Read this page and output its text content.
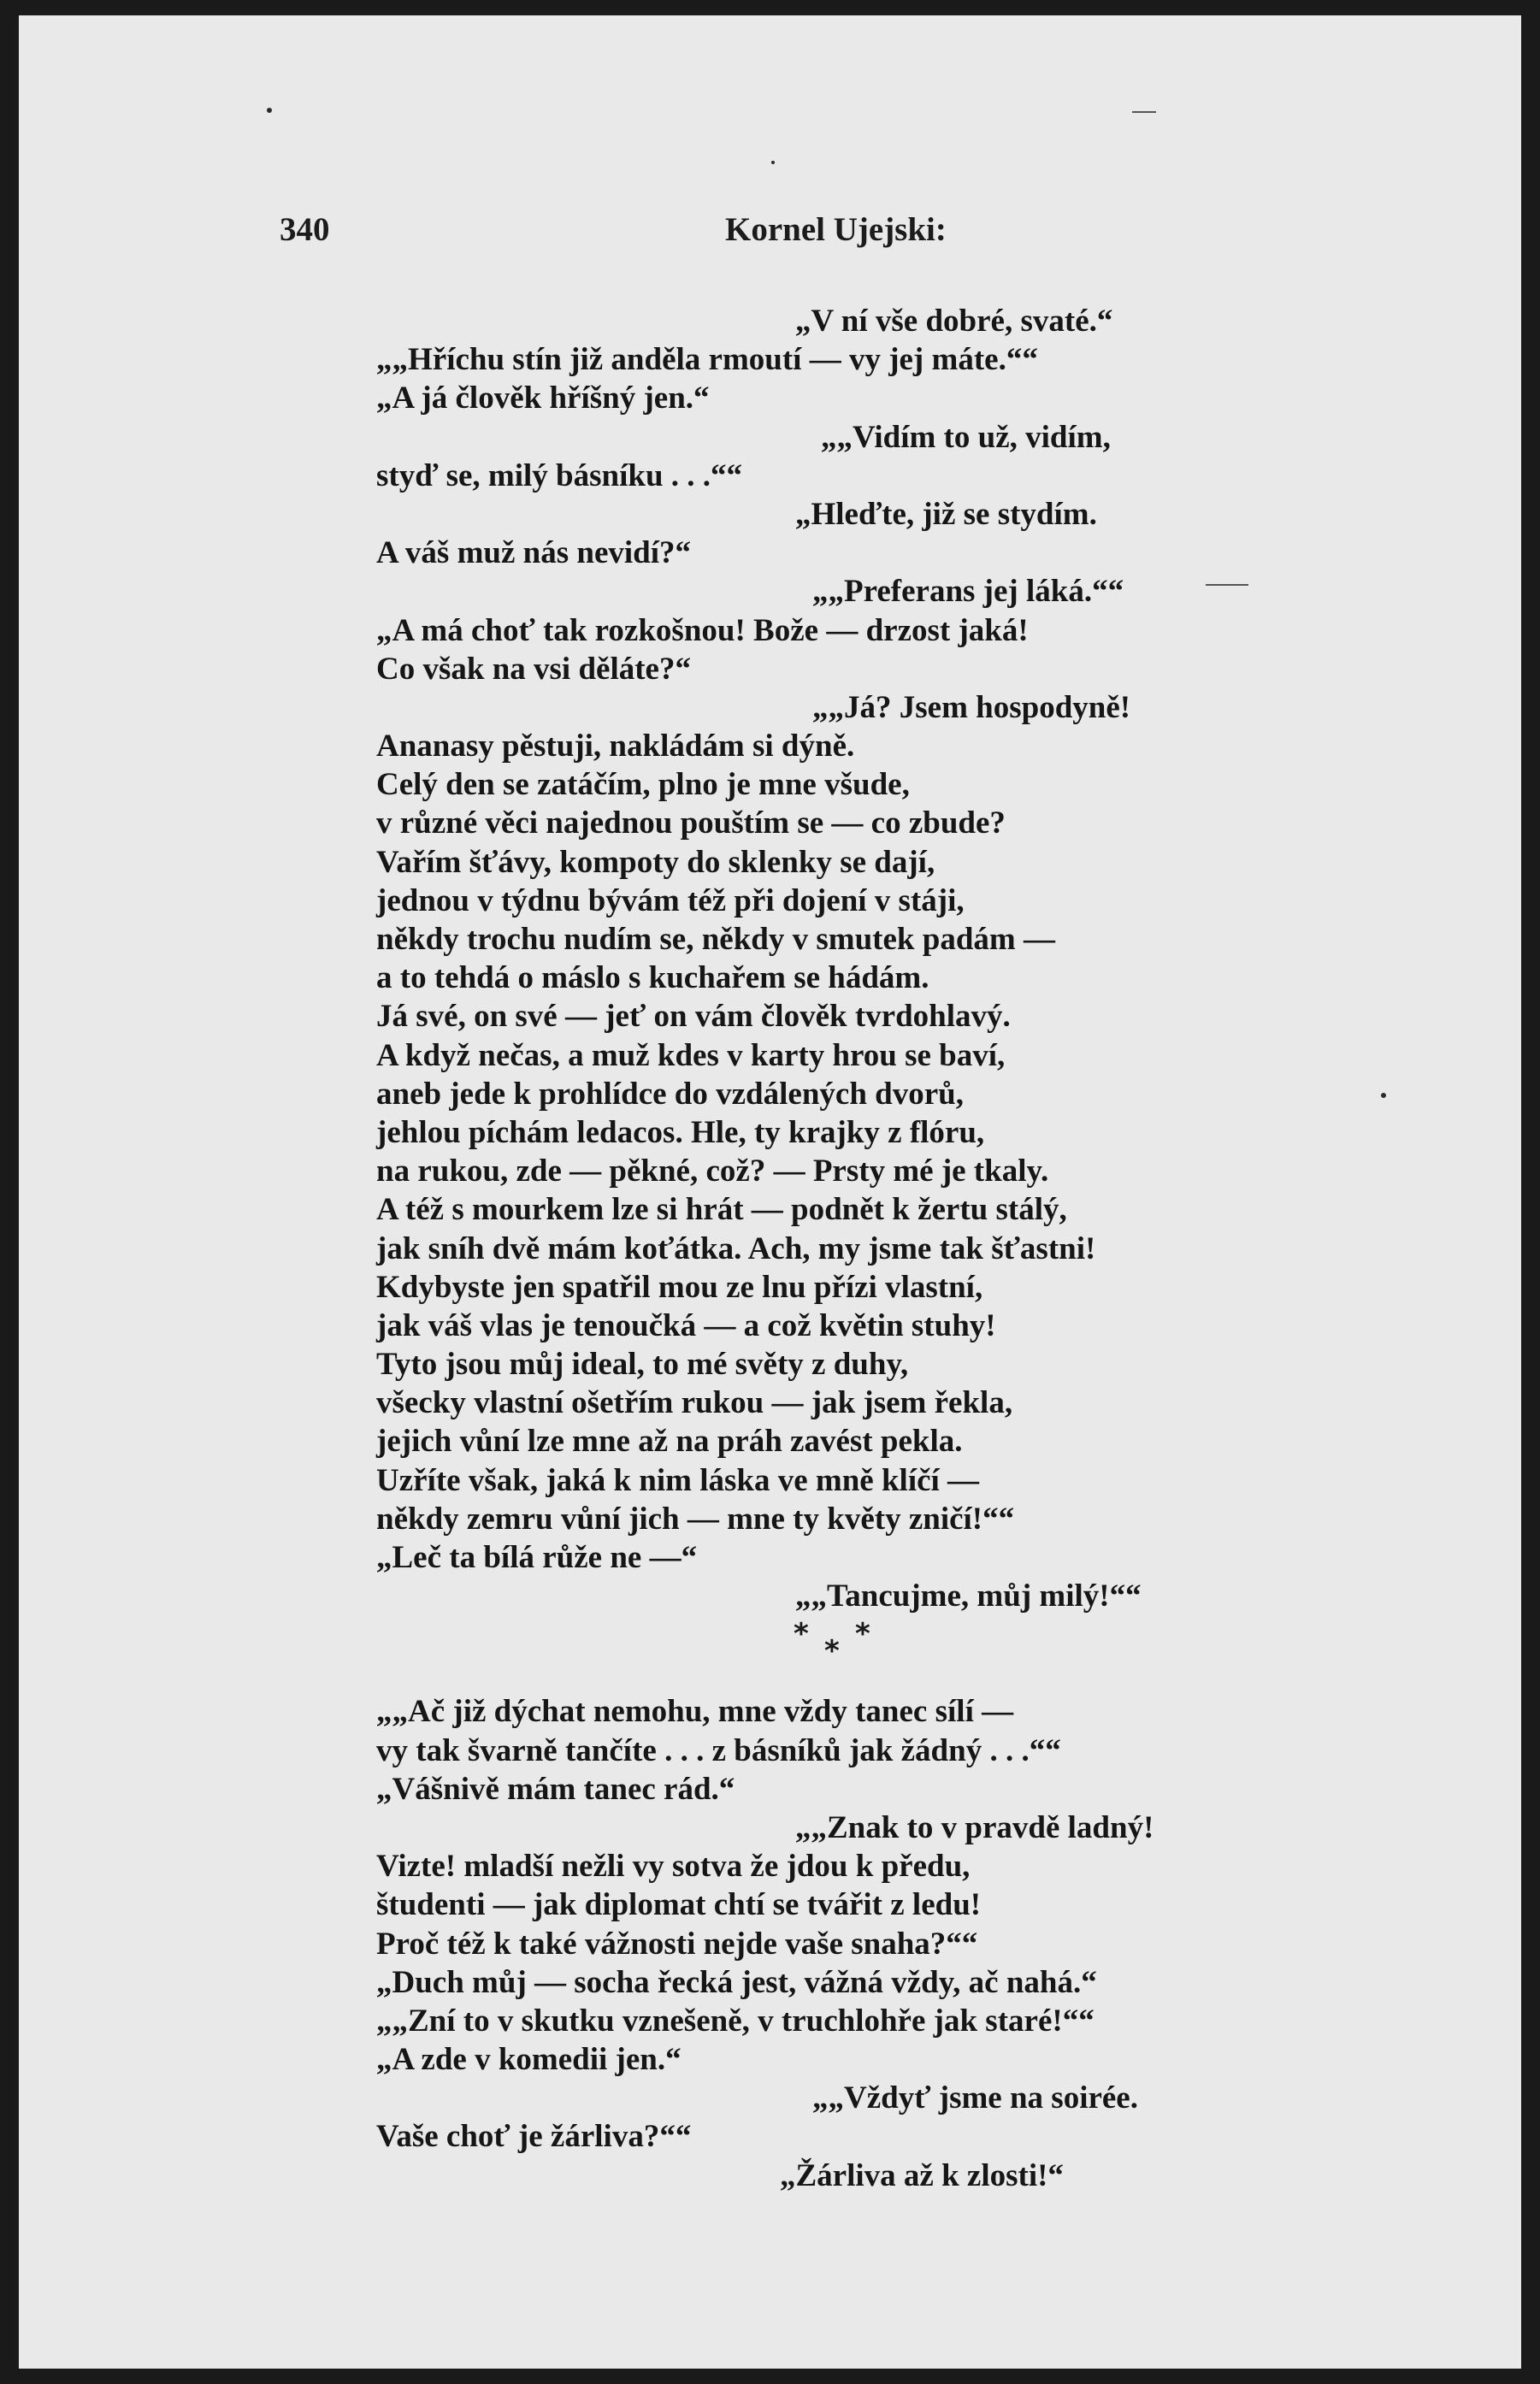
340	Kornel Ujejski:
„V ní vše dobré, svaté.“
„„Hříchu stín již anděla rmoutí — vy jej máte.““
„A já člověk hříšný jen.“
„„Vidím to už, vidím,
styď se, milý básníku . . .““
„Hleďte, již se stydím.
A váš muž nás nevidí?“
„„Preferans jej láká.““
„A má choť tak rozkošnou! Bože — drzost jaká!
Co však na vsi děláte?“
„„Já? Jsem hospodyně!
Ananasy pěstuji, nakládám si dýně.
Celý den se zatáčím, plno je mne všude,
v různé věci najednou pouštím se — co zbude?
Vařím šťávy, kompoty do sklenky se dají,
jednou v týdnu bývám též při dojení v stáji,
někdy trochu nudím se, někdy v smutek padám —
a to tehdá o máslo s kuchařem se hádám.
Já své, on své — jeť on vám člověk tvrdohlavý.
A když nečas, a muž kdes v karty hrou se baví,
aneb jede k prohlídce do vzdálených dvorů,
jehlou píchám ledacos. Hle, ty krajky z flóru,
na rukou, zde — pěkné, což? — Prsty mé je tkaly.
A též s mourkem lze si hrát — podnět k žertu stálý,
jak sníh dvě mám koťátka. Ach, my jsme tak šťastni!
Kdybyste jen spatřil mou ze lnu přízi vlastní,
jak váš vlas je tenoučká — a což květin stuhy!
Tyto jsou můj ideal, to mé světy z duhy,
všecky vlastní ošetřím rukou — jak jsem řekla,
jejich vůní lze mne až na práh zavést pekla.
Uzříte však, jaká k nim láska ve mně klíčí —
někdy zemru vůní jich — mne ty květy zničí!““
„Leč ta bílá růže ne —“
„„Tancujme, můj milý!““
* *
*
„„Ač již dýchat nemohu, mne vždy tanec sílí —
vy tak švarně tančíte . . . z básníků jak žádný . . .““
„Vášnivě mám tanec rád.“
„„Znak to v pravdě ladný!
Vizte! mladší nežli vy sotva že jdou k předu,
študenti — jak diplomat chtí se tvářit z ledu!
Proč též k také vážnosti nejde vaše snaha?““
„Duch můj — socha řecká jest, vážná vždy, ač nahá.“
„„Zní to v skutku vznešeně, v truchlohře jak staré!““
„A zde v komedii jen.“
„„Vždyť jsme na soirée.
Vaše choť je žárliva?““
„Žárliva až k zlosti!“
